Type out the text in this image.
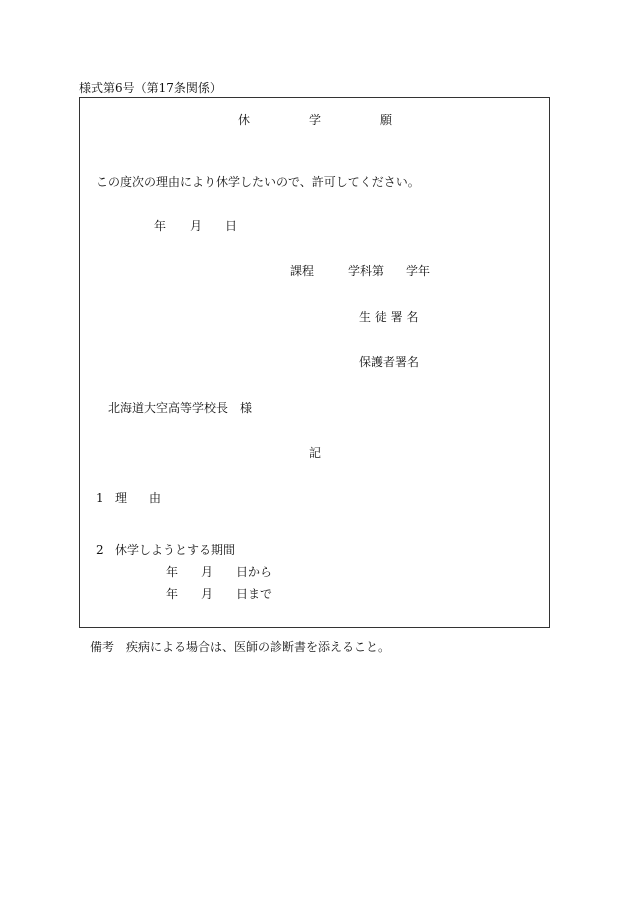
様式第6号（第17条関係）
休	学	願
この度次の理由により休学したいので、許可してください。
年 月 日
課程	学科第 学年
生 徒 署 名
保護者署名
北海道大空高等学校長　様
記
1 理 由
2 休学しようとする期間
年 月 日から
年 月 日まで
備考 疾病による場合は、医師の診断書を添えること。
